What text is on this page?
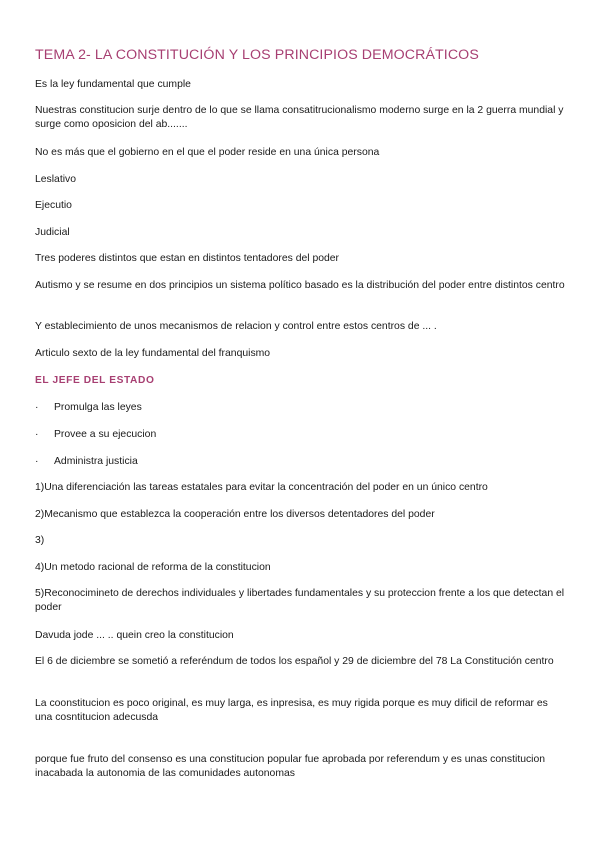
TEMA 2- LA CONSTITUCIÓN Y LOS PRINCIPIOS DEMOCRÁTICOS

Es la ley fundamental que cumple

Nuestras constitucion surje dentro de lo que se llama consatitrucionalismo moderno surge en la 2 guerra mundial y surge como oposicion del ab.......

No es más que el gobierno en el que el poder reside en una única persona

Leslativo

Ejecutio

Judicial

Tres poderes distintos que estan en distintos tentadores del poder

Autismo y se resume en dos principios un sistema político basado es la distribución del poder entre distintos centro

Y establecimiento de unos mecanismos de relacion y control entre estos centros de ... .

Articulo sexto de la ley fundamental del franquismo

EL JEFE DEL ESTADO

· Promulga las leyes

· Provee a su ejecucion

· Administra justicia

1)Una diferenciación las tareas estatales para evitar la concentración del poder en un único centro

2)Mecanismo que establezca la cooperación entre los diversos detentadores del poder

3)

4)Un metodo racional de reforma de la constitucion

5)Reconocimineto de derechos individuales y libertades fundamentales y su proteccion frente a los que detectan el poder

Davuda jode ... .. quein creo la constitucion

El 6 de diciembre se sometió a referéndum de todos los español y 29 de diciembre del 78 La Constitución centro

La coonstitucion es poco original, es muy larga, es inpresisa, es muy rigida porque es muy dificil de reformar es una cosntitucion adecusda

porque fue fruto del consenso es una constitucion popular fue aprobada por referendum y es unas constitucion inacabada la autonomia de las comunidades autonomas
